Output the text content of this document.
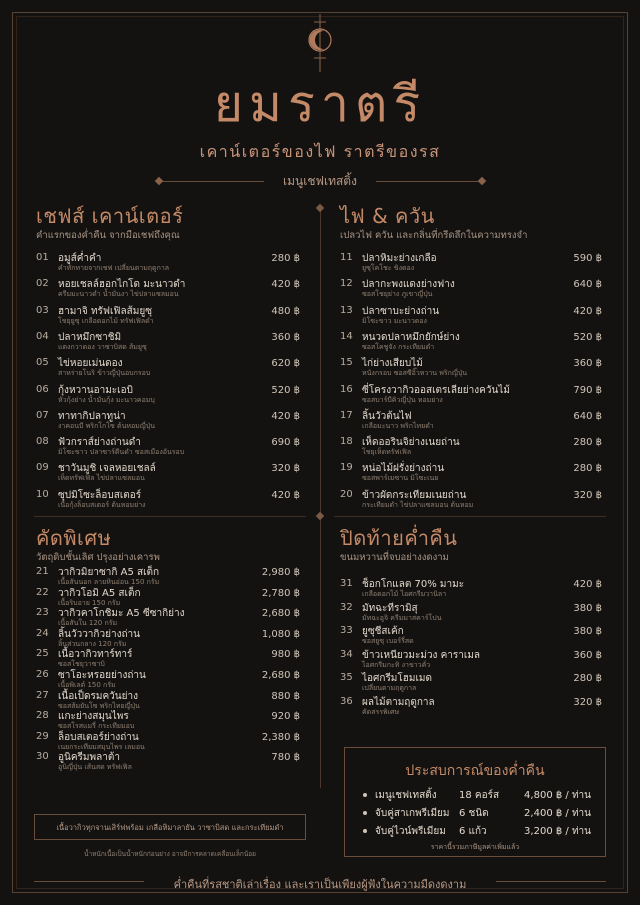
ยมราตรี
เคาน์เตอร์ของไฟ ราตรีของรส
เมนูเชฟเทสติ้ง
เชฟส์ เคาน์เตอร์
คำแรกของค่ำคืน จากมือเชฟถึงคุณ
01 อมูส์ค่ำคำ
คำทักทายจากเชฟ เปลี่ยนตามฤดูกาล
280 ฿
02 หอยเชลล์ฮอกไกโด มะนาวดำ
ครีมมะนาวดำ น้ำมันงา ไข่ปลาแซลมอน
420 ฿
03 ฮามาจิ ทรัฟเฟิลส้มยูซุ
โชยุยูซุ เกลือดอกไม้ ทรัฟเฟิลดำ
480 ฿
04 ปลาหมึกซาชิมิ
แตงกวาดอง วาซาบิสด ส้มยูซุ
360 ฿
05 ไข่หอยเม่นดอง
สาหร่ายโนริ ข้าวญี่ปุ่นอบกรอบ
620 ฿
06 กุ้งหวานอามะเอบิ
หัวกุ้งย่าง น้ำมันกุ้ง มะนาวคอมบุ
520 ฿
07 ทาทากิปลาทูน่า
งาคอนบี พริกโกโซ ต้นหอมญี่ปุ่น
420 ฿
08 ฟัวกราส์ย่างถ่านดำ
มิโซะขาว ปลาซาร์ดีนดำ ซอสเมืองอันรอบ
690 ฿
09 ชาวันมูชิ เจลหอยเชลล์
เห็ดทรัฟเฟิล ไข่ปลาแซลมอน
320 ฿
10 ซุปมิโซะล็อบสเตอร์
เนื้อกุ้งล็อบสเตอร์ ต้นหอมย่าง
420 ฿
ไฟ & ควัน
เปลวไฟ ควัน และกลิ่นที่กรีดลึกในความทรงจำ
11 ปลาหิมะย่างเกลือ
ยูซุโคโชะ ขิงดอง
590 ฿
12 ปลากะพงแดงย่างฟาง
ซอสโชยุย่าง ภูเขาญี่ปุ่น
640 ฿
13 ปลาซาบะย่างถ่าน
มิโซะขาว มะนาวดอง
420 ฿
14 หนวดปลาหมึกยักษ์ย่าง
ซอสโคชูจัง กระเทียมดำ
520 ฿
15 ไก่ย่างเสียบไม้
หนังกรอบ ซอสซีอิ๊วหวาน พริกญี่ปุ่น
360 ฿
16 ซี่โครงวากิวออสเตรเลียย่างควันไม้
ซอสบาร์บีคิวญี่ปุ่น หอมย่าง
790 ฿
17 ลิ้นวัวต้นไฟ
เกลือมะนาว พริกไทยดำ
640 ฿
18 เห็ดออรินจิย่างเนยถ่าน
โชยุเห็ดทรัฟเฟิล
280 ฿
19 หน่อไม้ฝรั่งย่างถ่าน
ซอสพาร์เมซาน มิโซะเนย
280 ฿
20 ข้าวผัดกระเทียมเนยถ่าน
กระเทียมดำ ไข่ปลาแซลมอน ต้นหอม
320 ฿
คัดพิเศษ
วัตถุดิบชั้นเลิศ ปรุงอย่างเคารพ
21 วากิวมิยาซากิ A5 สเต็ก
เนื้อสันนอก ลายหินอ่อน 150 กรัม
2,980 ฿
22 วากิวโอมิ A5 สเต็ก
เนื้อริบอาย 150 กรัม
2,780 ฿
23 วากิวคาโกชิมะ A5 ซีซากิย่าง
เนื้อสันใน 120 กรัม
2,680 ฿
24 ลิ้นวัววากิวย่างถ่าน
ลิ้นส่วนกลาง 120 กรัม
1,080 ฿
25 เนื้อวากิวทาร์ทาร์
ซอสโชยุวาซาบิ
980 ฿
26 ซาโอะหรอยย่างถ่าน
เนื้อพิเลต์ 150 กรัม
2,680 ฿
27 เนื้อเป็ดรมควันย่าง
ซอสส้มยันโซ พริกไทยญี่ปุ่น
880 ฿
28 แกะย่างสมุนไพร
ซอสโรสแมรี่ กระเทียมอบ
920 ฿
29 ล็อบสเตอร์ย่างถ่าน
เนยกระเทียมสมุนไพร เลมอน
2,380 ฿
30 อูนิครีมพลาต้า
อูนิญี่ปุ่น เส้นสด ทรัฟเฟิล
780 ฿
ปิดท้ายค่ำคืน
ขนมหวานที่จบอย่างงดงาม
31 ช็อกโกแลต 70% มามะ
เกลือดอกไม้ ไอศกรีมวานิลา
420 ฿
32 มัทฉะทีรามิสุ
มัทฉะอูจิ ครีมมาสคาร์โปน
380 ฿
33 ยูซุชีสเค้ก
ซอสยูซุ เบอร์รี่สด
380 ฿
34 ข้าวเหนียวมะม่วง คาราเมล
ไอศกรีมกะทิ งาขาวคั่ว
360 ฿
35 ไอศกรีมโฮมเมด
เปลี่ยนตามฤดูกาล
280 ฿
36 ผลไม้ตามฤดูกาล
คัดสรรพิเศษ
320 ฿
เนื้อวากิวทุกจานเสิร์ฟพร้อม เกลือหิมาลายัน วาซาบิสด และกระเทียมดำ
น้ำหนักเนื้อเป็นน้ำหนักก่อนย่าง อาจมีการคลาดเคลื่อนเล็กน้อย
ประสบการณ์ของค่ำคืน
เมนูเชฟเทสติ้ง 18 คอร์ส 4,800 ฿ / ท่าน
จับคู่สาเกพรีเมียม 6 ชนิด	2,400 ฿ / ท่าน
จับคู่ไวน์พรีเมียม 6 แก้ว	3,200 ฿ / ท่าน
ราคานี้รวมภาษีมูลค่าเพิ่มแล้ว
ค่ำคืนที่รสชาติเล่าเรื่อง และเราเป็นเพียงผู้ฟังในความมืดงดงาม
